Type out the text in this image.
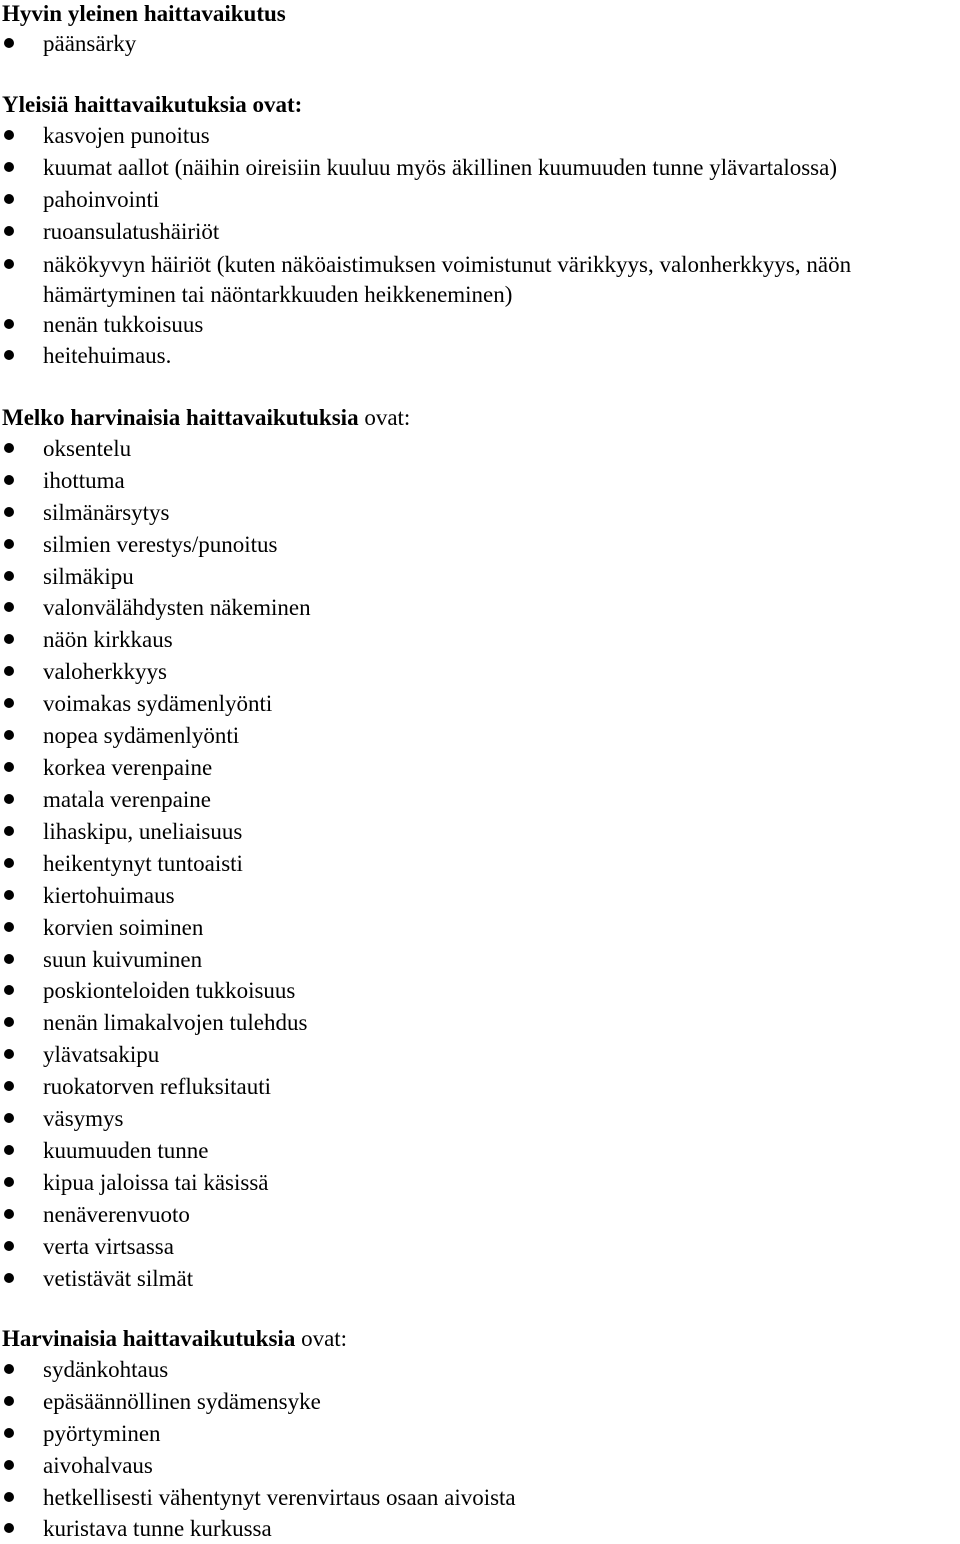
Hyvin yleinen haittavaikutus
päänsärky
Yleisiä haittavaikutuksia ovat:
kasvojen punoitus
kuumat aallot (näihin oireisiin kuuluu myös äkillinen kuumuuden tunne ylävartalossa)
pahoinvointi
ruoansulatushäiriöt
näkökyvyn häiriöt (kuten näköaistimuksen voimistunut värikkyys, valonherkkyys, näön hämärtyminen tai näöntarkkuuden heikkeneminen)
nenän tukkoisuus
heitehuimaus.
Melko harvinaisia haittavaikutuksia ovat:
oksentelu
ihottuma
silmänärsytys
silmien verestys/punoitus
silmäkipu
valonvälähdysten näkeminen
näön kirkkaus
valoherkkyys
voimakas sydämenlyönti
nopea sydämenlyönti
korkea verenpaine
matala verenpaine
lihaskipu, uneliaisuus
heikentynyt tuntoaisti
kiertohuimaus
korvien soiminen
suun kuivuminen
poskionteloiden tukkoisuus
nenän limakalvojen tulehdus
ylävatsakipu
ruokatorven refluksitauti
väsymys
kuumuuden tunne
kipua jaloissa tai käsissä
nenäverenvuoto
verta virtsassa
vetistävät silmät
Harvinaisia haittavaikutuksia ovat:
sydänkohtaus
epäsäännöllinen sydämensyke
pyörtyminen
aivohalvaus
hetkellisesti vähentynyt verenvirtaus osaan aivoista
kuristava tunne kurkussa
